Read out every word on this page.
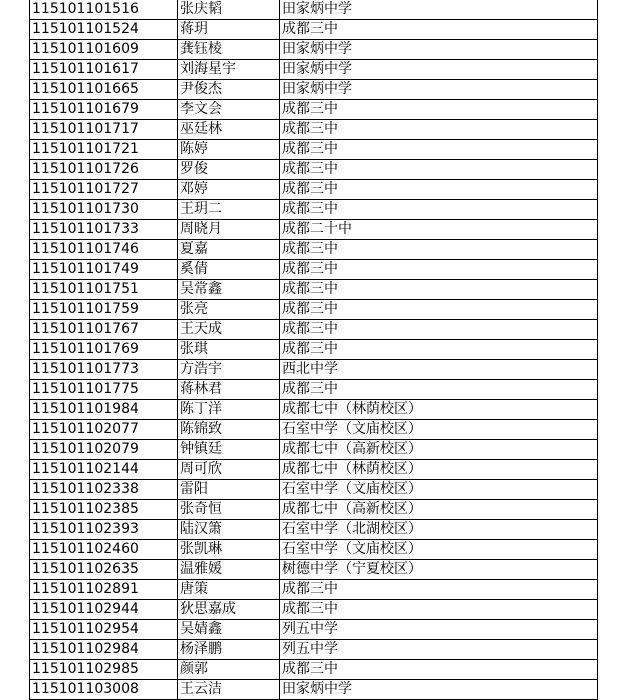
115101101516	张庆韬	田家炳中学
115101101524	蒋玥	成都三中
115101101609	龚钰棱	田家炳中学
115101101617	刘海星宇	田家炳中学
115101101665	尹俊杰	田家炳中学
115101101679	李文会	成都三中
115101101717	巫廷林	成都三中
115101101721	陈婷	成都三中
115101101726	罗俊	成都三中
115101101727	邓婷	成都三中
115101101730	王玥二	成都三中
115101101733	周晓月	成都二十中
115101101746	夏嘉	成都三中
115101101749	奚倩	成都三中
115101101751	吴常鑫	成都三中
115101101759	张亮	成都三中
115101101767	王天成	成都三中
115101101769	张琪	成都三中
115101101773	方浩宇	西北中学
115101101775	蒋林君	成都三中
115101101984	陈丁洋	成都七中（林荫校区）
115101102077	陈锦致	石室中学（文庙校区）
115101102079	钟镇廷	成都七中（高新校区）
115101102144	周可欣	成都七中（林荫校区）
115101102338	雷阳	石室中学（文庙校区）
115101102385	张奇恒	成都七中（高新校区）
115101102393	陆汉箫	石室中学（北湖校区）
115101102460	张凯琳	石室中学（文庙校区）
115101102635	温雅媛	树德中学（宁夏校区）
115101102891	唐策	成都三中
115101102944	狄思嘉成	成都三中
115101102954	吴婧鑫	列五中学
115101102984	杨泽鹏	列五中学
115101102985	颜郭	成都三中
115101103008	王云洁	田家炳中学
